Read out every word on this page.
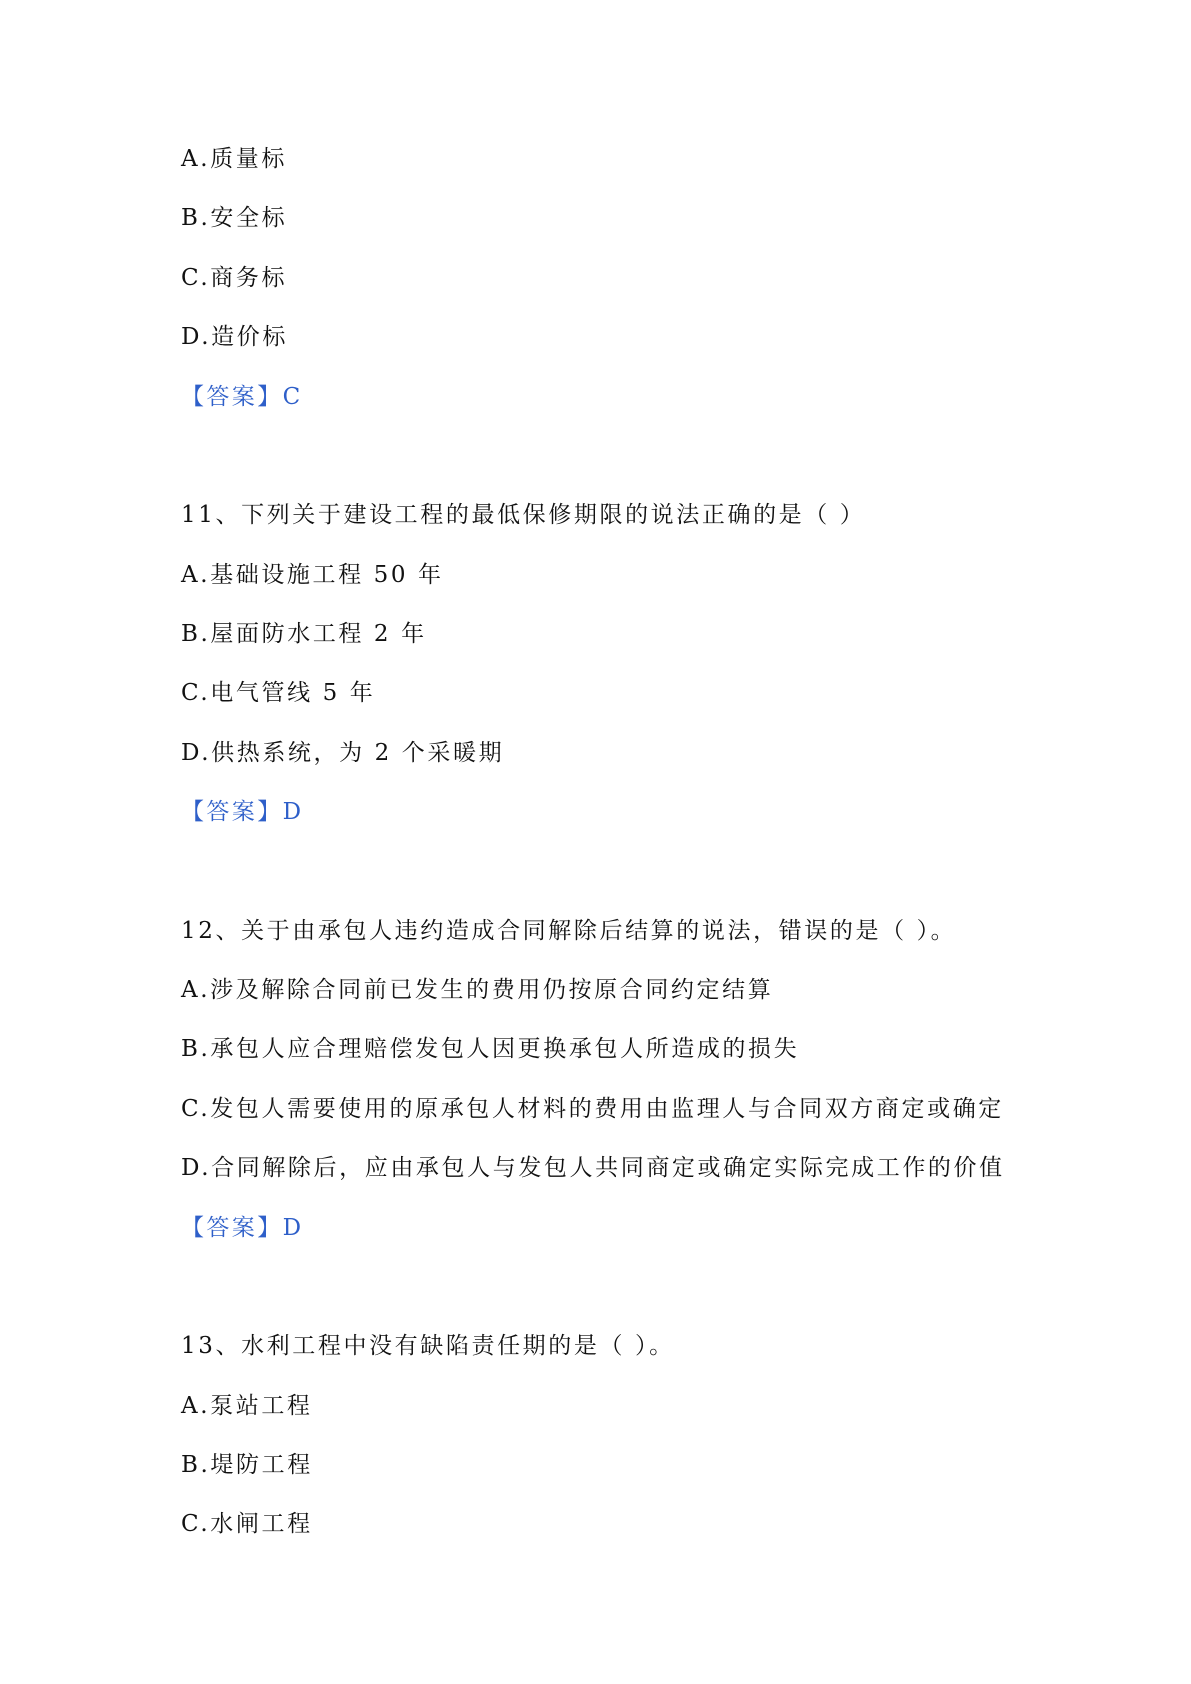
A.质量标
B.安全标
C.商务标
D.造价标
【答案】C
11、下列关于建设工程的最低保修期限的说法正确的是（ ）
A.基础设施工程 50 年
B.屋面防水工程 2 年
C.电气管线 5 年
D.供热系统，为 2 个采暖期
【答案】D
12、关于由承包人违约造成合同解除后结算的说法，错误的是（ ）。
A.涉及解除合同前已发生的费用仍按原合同约定结算
B.承包人应合理赔偿发包人因更换承包人所造成的损失
C.发包人需要使用的原承包人材料的费用由监理人与合同双方商定或确定
D.合同解除后，应由承包人与发包人共同商定或确定实际完成工作的价值
【答案】D
13、水利工程中没有缺陷责任期的是（ ）。
A.泵站工程
B.堤防工程
C.水闸工程
